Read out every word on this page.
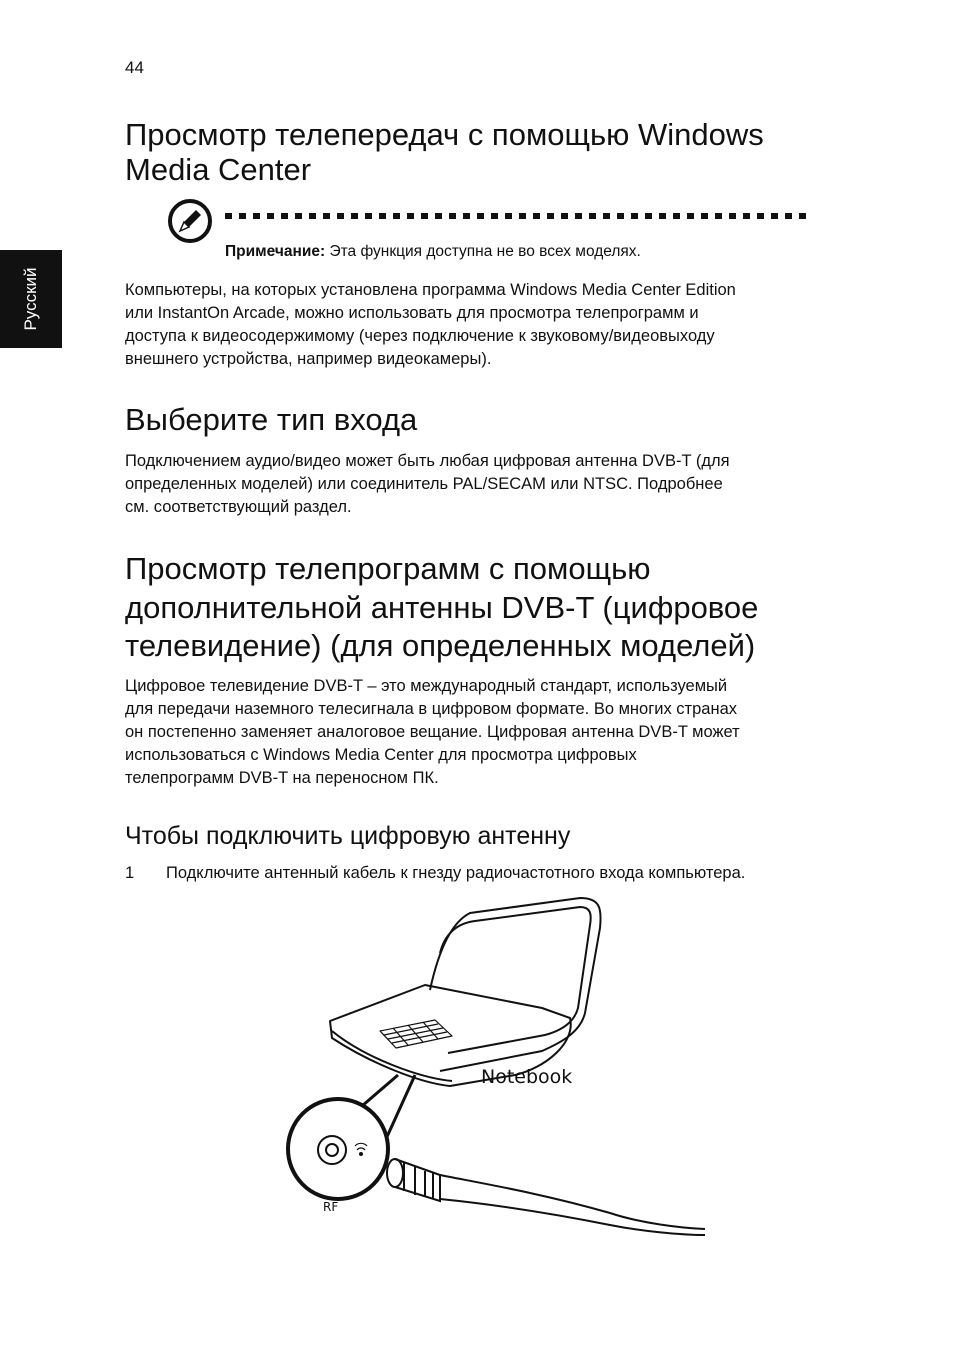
44
Русский
Просмотр телепередач с помощью Windows
Media Center
Примечание: Эта функция доступна не во всех моделях.

Компьютеры, на которых установлена программа Windows Media Center Edition
или InstantOn Arcade, можно использовать для просмотра телепрограмм и
доступа к видеосодержимому (через подключение к звуковому/видеовыходу
внешнего устройства, например видеокамеры).

Выберите тип входа

Подключением аудио/видео может быть любая цифровая антенна DVB-T (для
определенных моделей) или соединитель PAL/SECAM или NTSC. Подробнее
см. соответствующий раздел.

Просмотр телепрограмм с помощью
дополнительной антенны DVB-T (цифровое
телевидение) (для определенных моделей)

Цифровое телевидение DVB-T – это международный стандарт, используемый
для передачи наземного телесигнала в цифровом формате. Во многих странах
он постепенно заменяет аналоговое вещание. Цифровая антенна DVB-T может
использоваться с Windows Media Center для просмотра цифровых
телепрограмм DVB-T на переносном ПК.

Чтобы подключить цифровую антенну
1 Подключите антенный кабель к гнезду радиочастотного входа компьютера.
Notebook
RF
